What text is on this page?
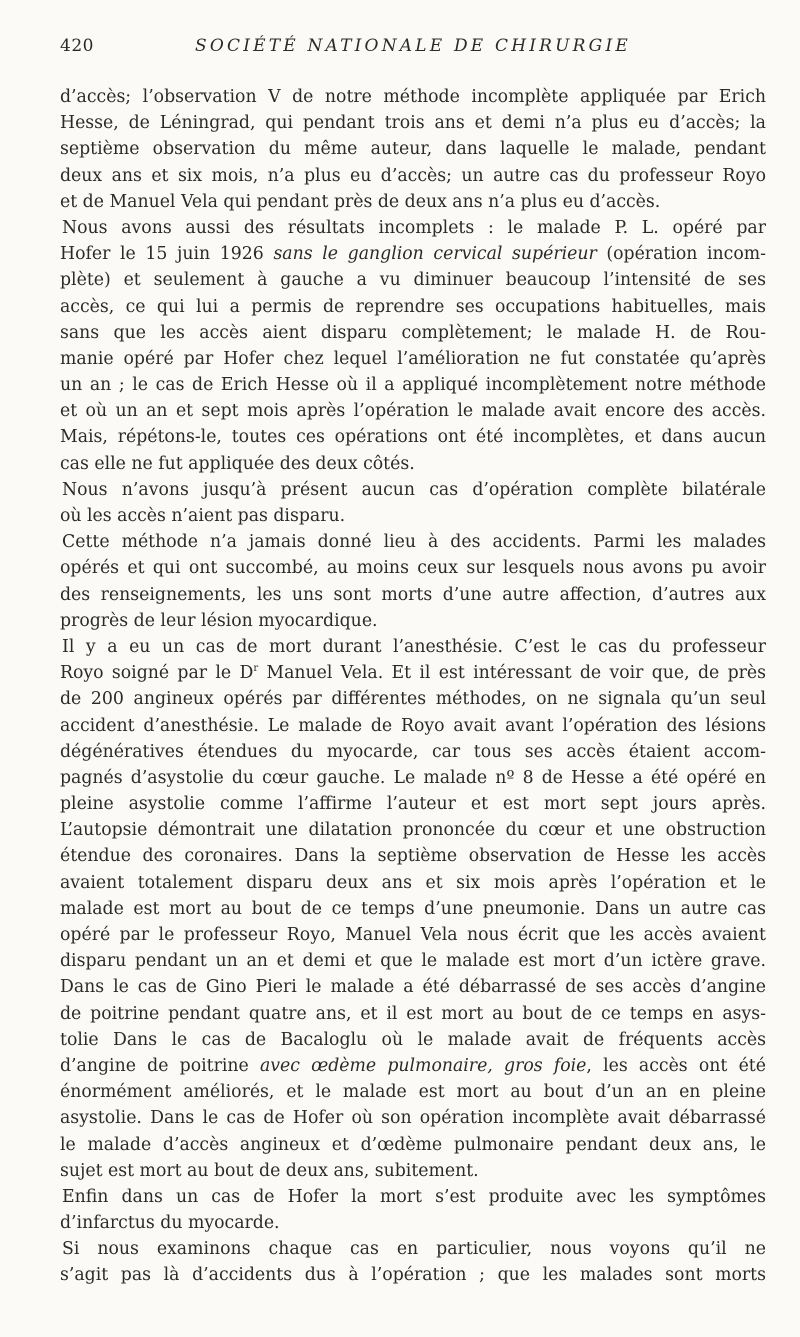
420	SOCIÉTÉ NATIONALE DE CHIRURGIE
d’accès; l’observation V de notre méthode incomplète appliquée par Erich
Hesse, de Léningrad, qui pendant trois ans et demi n’a plus eu d’accès; la
septième observation du même auteur, dans laquelle le malade, pendant
deux ans et six mois, n’a plus eu d’accès; un autre cas du professeur Royo
et de Manuel Vela qui pendant près de deux ans n’a plus eu d’accès.
Nous avons aussi des résultats incomplets : le malade P. L. opéré par
Hofer le 15 juin 1926 sans le ganglion cervical supérieur (opération incom-
plète) et seulement à gauche a vu diminuer beaucoup l’intensité de ses
accès, ce qui lui a permis de reprendre ses occupations habituelles, mais
sans que les accès aient disparu complètement; le malade H. de Rou-
manie opéré par Hofer chez lequel l’amélioration ne fut constatée qu’après
un an ; le cas de Erich Hesse où il a appliqué incomplètement notre méthode
et où un an et sept mois après l’opération le malade avait encore des accès.
Mais, répétons-le, toutes ces opérations ont été incomplètes, et dans aucun
cas elle ne fut appliquée des deux côtés.
Nous n’avons jusqu’à présent aucun cas d’opération complète bilatérale
où les accès n’aient pas disparu.
Cette méthode n’a jamais donné lieu à des accidents. Parmi les malades
opérés et qui ont succombé, au moins ceux sur lesquels nous avons pu avoir
des renseignements, les uns sont morts d’une autre affection, d’autres aux
progrès de leur lésion myocardique.
Il y a eu un cas de mort durant l’anesthésie. C’est le cas du professeur
Royo soigné par le $D^r$ Manuel Vela. Et il est intéressant de voir que, de près
de 200 angineux opérés par différentes méthodes, on ne signala qu’un seul
accident d’anesthésie. Le malade de Royo avait avant l’opération des lésions
dégénératives étendues du myocarde, car tous ses accès étaient accom-
pagnés d’asystolie du cœur gauche. Le malade nº 8 de Hesse a été opéré en
pleine asystolie comme l’affirme l’auteur et est mort sept jours après.
L’autopsie démontrait une dilatation prononcée du cœur et une obstruction
étendue des coronaires. Dans la septième observation de Hesse les accès
avaient totalement disparu deux ans et six mois après l’opération et le
malade est mort au bout de ce temps d’une pneumonie. Dans un autre cas
opéré par le professeur Royo, Manuel Vela nous écrit que les accès avaient
disparu pendant un an et demi et que le malade est mort d’un ictère grave.
Dans le cas de Gino Pieri le malade a été débarrassé de ses accès d’angine
de poitrine pendant quatre ans, et il est mort au bout de ce temps en asys-
tolie Dans le cas de Bacaloglu où le malade avait de fréquents accès
d’angine de poitrine avec œdème pulmonaire, gros foie, les accès ont été
énormément améliorés, et le malade est mort au bout d’un an en pleine
asystolie. Dans le cas de Hofer où son opération incomplète avait débarrassé
le malade d’accès angineux et d’œdème pulmonaire pendant deux ans, le
sujet est mort au bout de deux ans, subitement.
Enfin dans un cas de Hofer la mort s’est produite avec les symptômes
d’infarctus du myocarde.
Si nous examinons chaque cas en particulier, nous voyons qu’il ne
s’agit pas là d’accidents dus à l’opération ; que les malades sont morts
